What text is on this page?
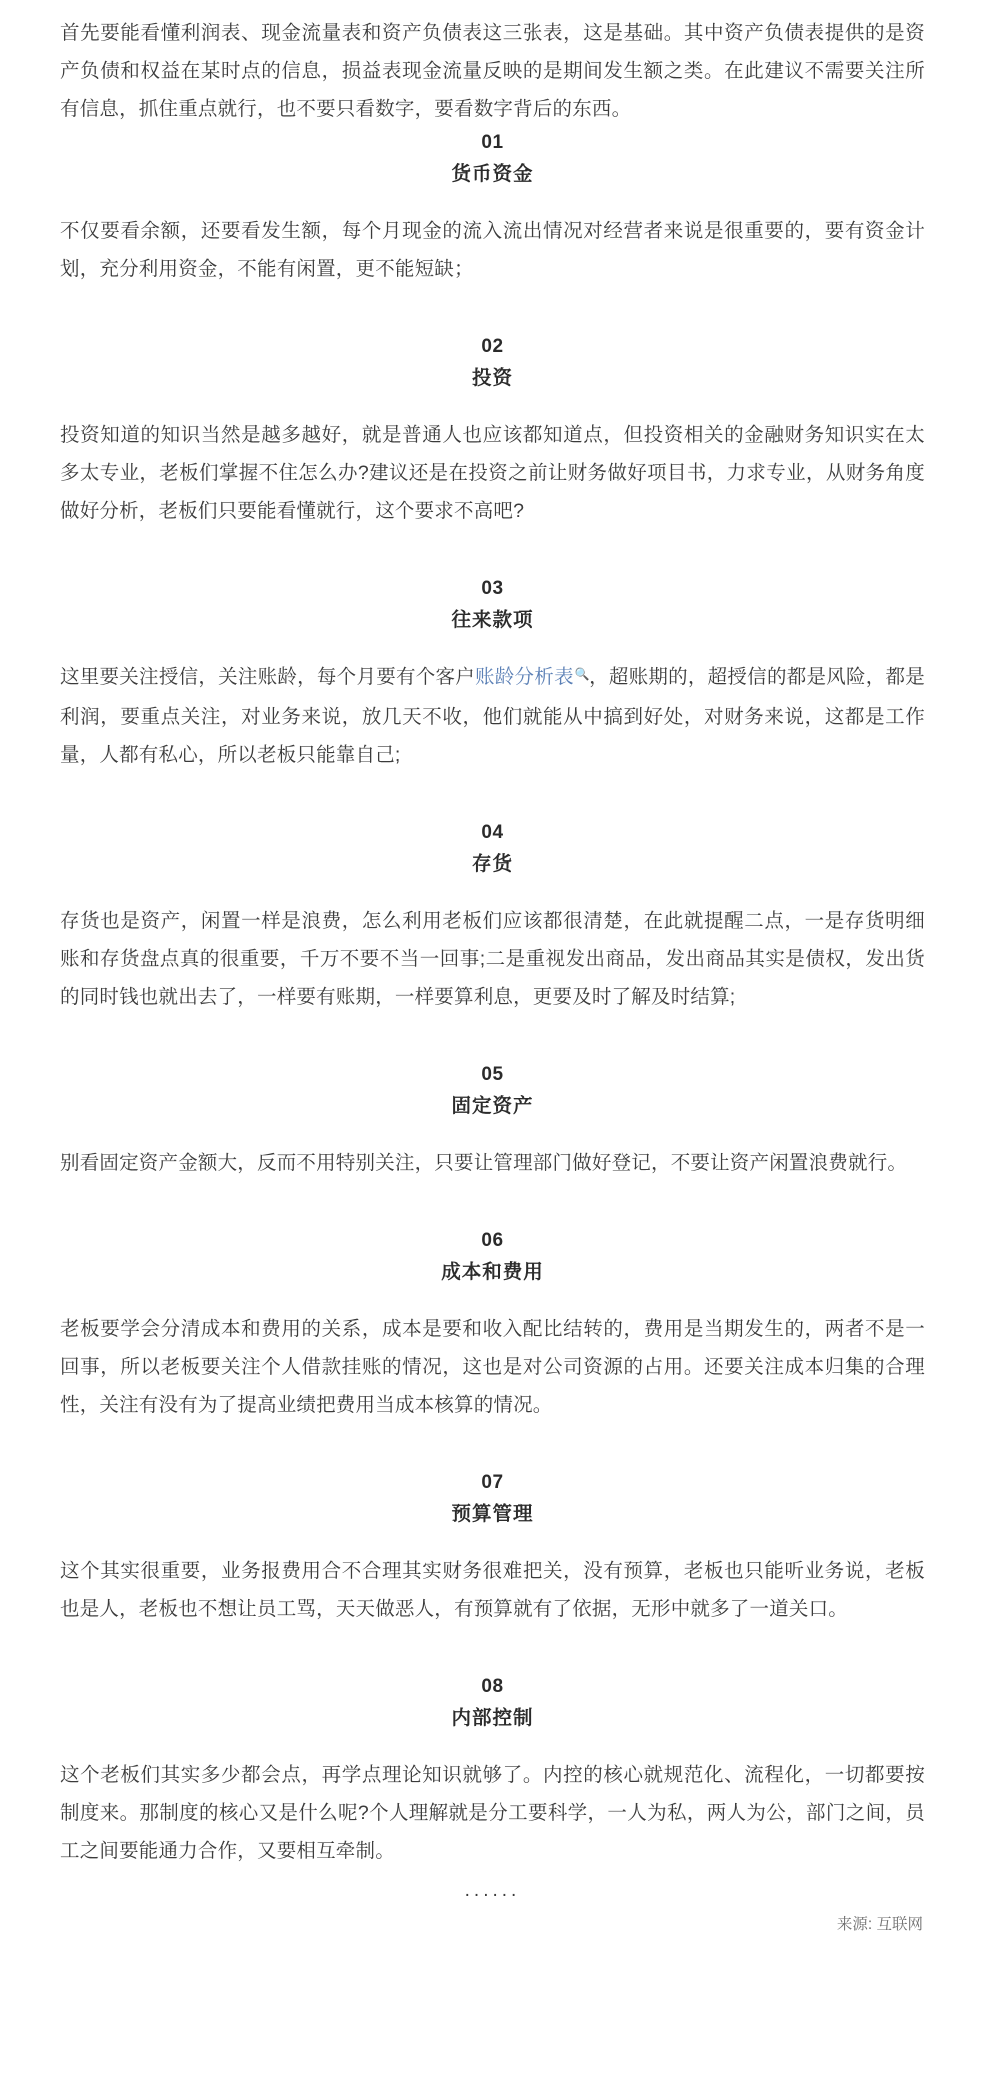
首先要能看懂利润表、现金流量表和资产负债表这三张表，这是基础。其中资产负债表提供的是资产负债和权益在某时点的信息，损益表现金流量反映的是期间发生额之类。在此建议不需要关注所有信息，抓住重点就行，也不要只看数字，要看数字背后的东西。

01
货币资金

不仅要看余额，还要看发生额，每个月现金的流入流出情况对经营者来说是很重要的，要有资金计划，充分利用资金，不能有闲置，更不能短缺；

02
投资

投资知道的知识当然是越多越好，就是普通人也应该都知道点，但投资相关的金融财务知识实在太多太专业，老板们掌握不住怎么办?建议还是在投资之前让财务做好项目书，力求专业，从财务角度做好分析，老板们只要能看懂就行，这个要求不高吧?

03
往来款项

这里要关注授信，关注账龄，每个月要有个客户账龄分析表🔍，超账期的，超授信的都是风险，都是利润，要重点关注，对业务来说，放几天不收，他们就能从中搞到好处，对财务来说，这都是工作量，人都有私心，所以老板只能靠自己;

04
存货

存货也是资产，闲置一样是浪费，怎么利用老板们应该都很清楚，在此就提醒二点，一是存货明细账和存货盘点真的很重要，千万不要不当一回事;二是重视发出商品，发出商品其实是债权，发出货的同时钱也就出去了，一样要有账期，一样要算利息，更要及时了解及时结算;

05
固定资产

别看固定资产金额大，反而不用特别关注，只要让管理部门做好登记，不要让资产闲置浪费就行。

06
成本和费用

老板要学会分清成本和费用的关系，成本是要和收入配比结转的，费用是当期发生的，两者不是一回事，所以老板要关注个人借款挂账的情况，这也是对公司资源的占用。还要关注成本归集的合理性，关注有没有为了提高业绩把费用当成本核算的情况。

07
预算管理

这个其实很重要，业务报费用合不合理其实财务很难把关，没有预算，老板也只能听业务说，老板也是人，老板也不想让员工骂，天天做恶人，有预算就有了依据，无形中就多了一道关口。

08
内部控制

这个老板们其实多少都会点，再学点理论知识就够了。内控的核心就规范化、流程化，一切都要按制度来。那制度的核心又是什么呢?个人理解就是分工要科学，一人为私，两人为公，部门之间，员工之间要能通力合作，又要相互牵制。

......
来源: 互联网
